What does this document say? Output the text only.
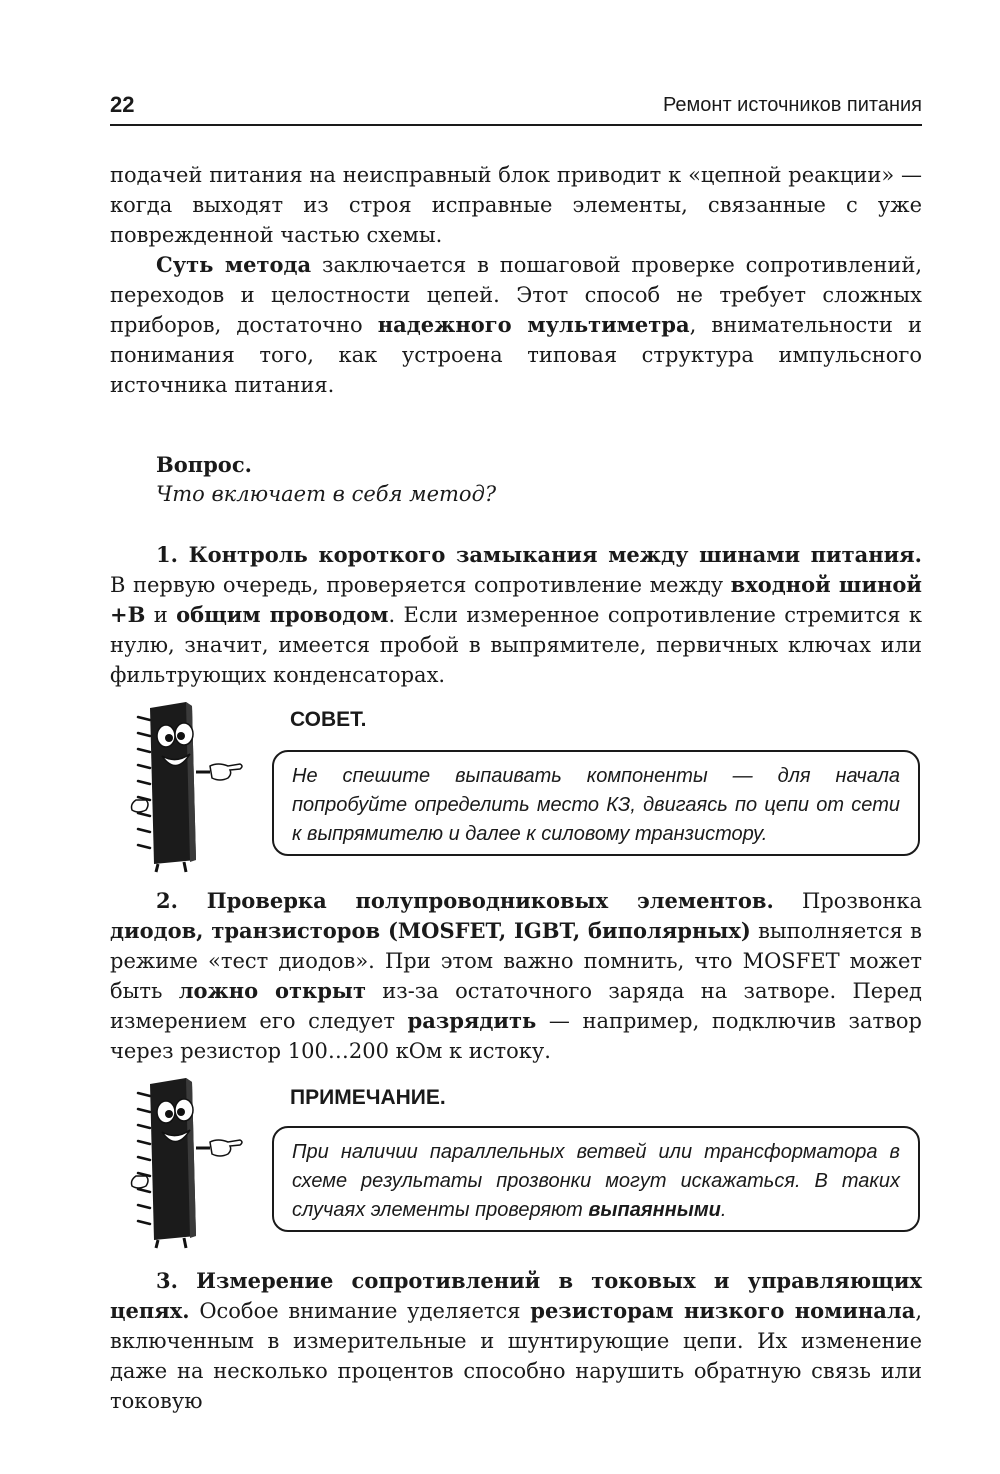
22	Ремонт источников питания

подачей питания на неисправный блок приводит к «цепной реакции» — когда выходят из строя исправные элементы, связанные с уже поврежденной частью схемы.

Суть метода заключается в пошаговой проверке сопротивлений, переходов и целостности цепей. Этот способ не требует сложных приборов, достаточно надежного мультиметра, внимательности и понимания того, как устроена типовая структура импульсного источника питания.

Вопрос.

Что включает в себя метод?

1. Контроль короткого замыкания между шинами питания. В первую очередь, проверяется сопротивление между входной шиной +В и общим проводом. Если измеренное сопротивление стремится к нулю, значит, имеется пробой в выпрямителе, первичных ключах или фильтрующих конденсаторах.

СОВЕТ.
Не спешите выпаивать компоненты — для начала попробуйте определить место КЗ, двигаясь по цепи от сети к выпрямителю и далее к силовому транзистору.

2. Проверка полупроводниковых элементов. Прозвонка диодов, транзисторов (MOSFET, IGBT, биполярных) выполняется в режиме «тест диодов». При этом важно помнить, что MOSFET может быть ложно открыт из-за остаточного заряда на затворе. Перед измерением его следует разрядить — например, подключив затвор через резистор 100…200 кОм к истоку.

ПРИМЕЧАНИЕ.
При наличии параллельных ветвей или трансформатора в схеме результаты прозвонки могут искажаться. В таких случаях элементы проверяют выпаянными.

3. Измерение сопротивлений в токовых и управляющих цепях. Особое внимание уделяется резисторам низкого номинала, включенным в измерительные и шунтирующие цепи. Их изменение даже на несколько процентов способно нарушить обратную связь или токовую
